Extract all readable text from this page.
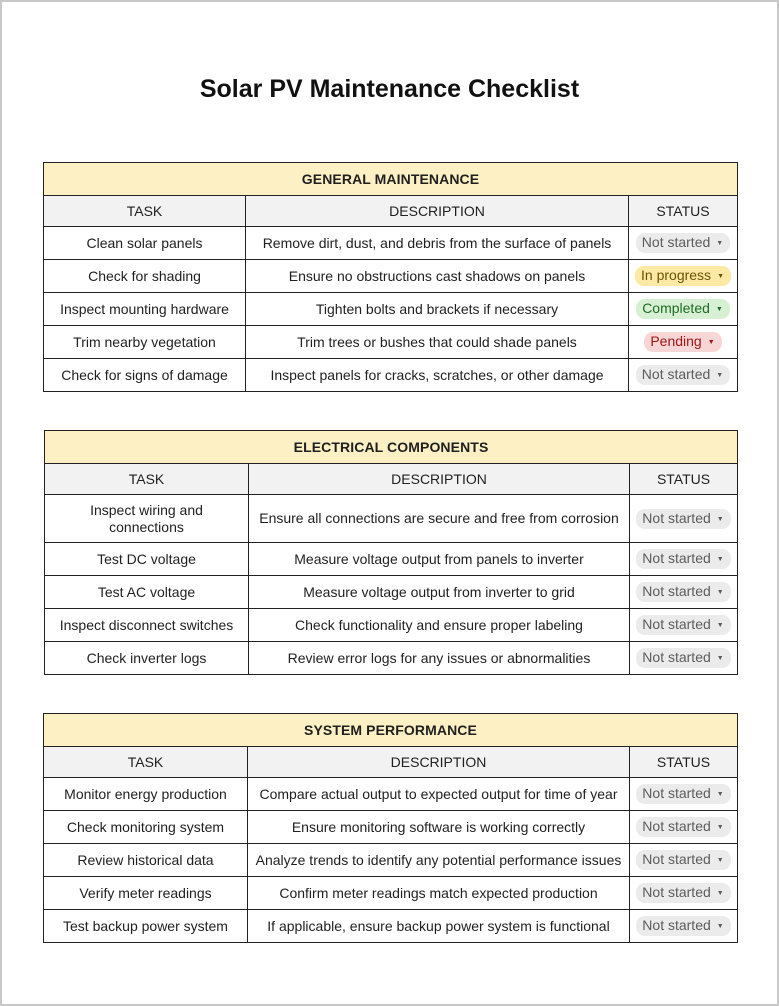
Solar PV Maintenance Checklist
GENERAL MAINTENANCE		
TASK	DESCRIPTION	STATUS
Clean solar panels	Remove dirt, dust, and debris from the surface of panels	Not started ▼
Check for shading	Ensure no obstructions cast shadows on panels	In progress ▼
Inspect mounting hardware	Tighten bolts and brackets if necessary	Completed ▼
Trim nearby vegetation	Trim trees or bushes that could shade panels	Pending ▼
Check for signs of damage	Inspect panels for cracks, scratches, or other damage	Not started ▼
ELECTRICAL COMPONENTS		
TASK	DESCRIPTION	STATUS
Inspect wiring and connections	Ensure all connections are secure and free from corrosion	Not started ▼
Test DC voltage	Measure voltage output from panels to inverter	Not started ▼
Test AC voltage	Measure voltage output from inverter to grid	Not started ▼
Inspect disconnect switches	Check functionality and ensure proper labeling	Not started ▼
Check inverter logs	Review error logs for any issues or abnormalities	Not started ▼
SYSTEM PERFORMANCE		
TASK	DESCRIPTION	STATUS
Monitor energy production	Compare actual output to expected output for time of year	Not started ▼
Check monitoring system	Ensure monitoring software is working correctly	Not started ▼
Review historical data	Analyze trends to identify any potential performance issues	Not started ▼
Verify meter readings	Confirm meter readings match expected production	Not started ▼
Test backup power system	If applicable, ensure backup power system is functional	Not started ▼
